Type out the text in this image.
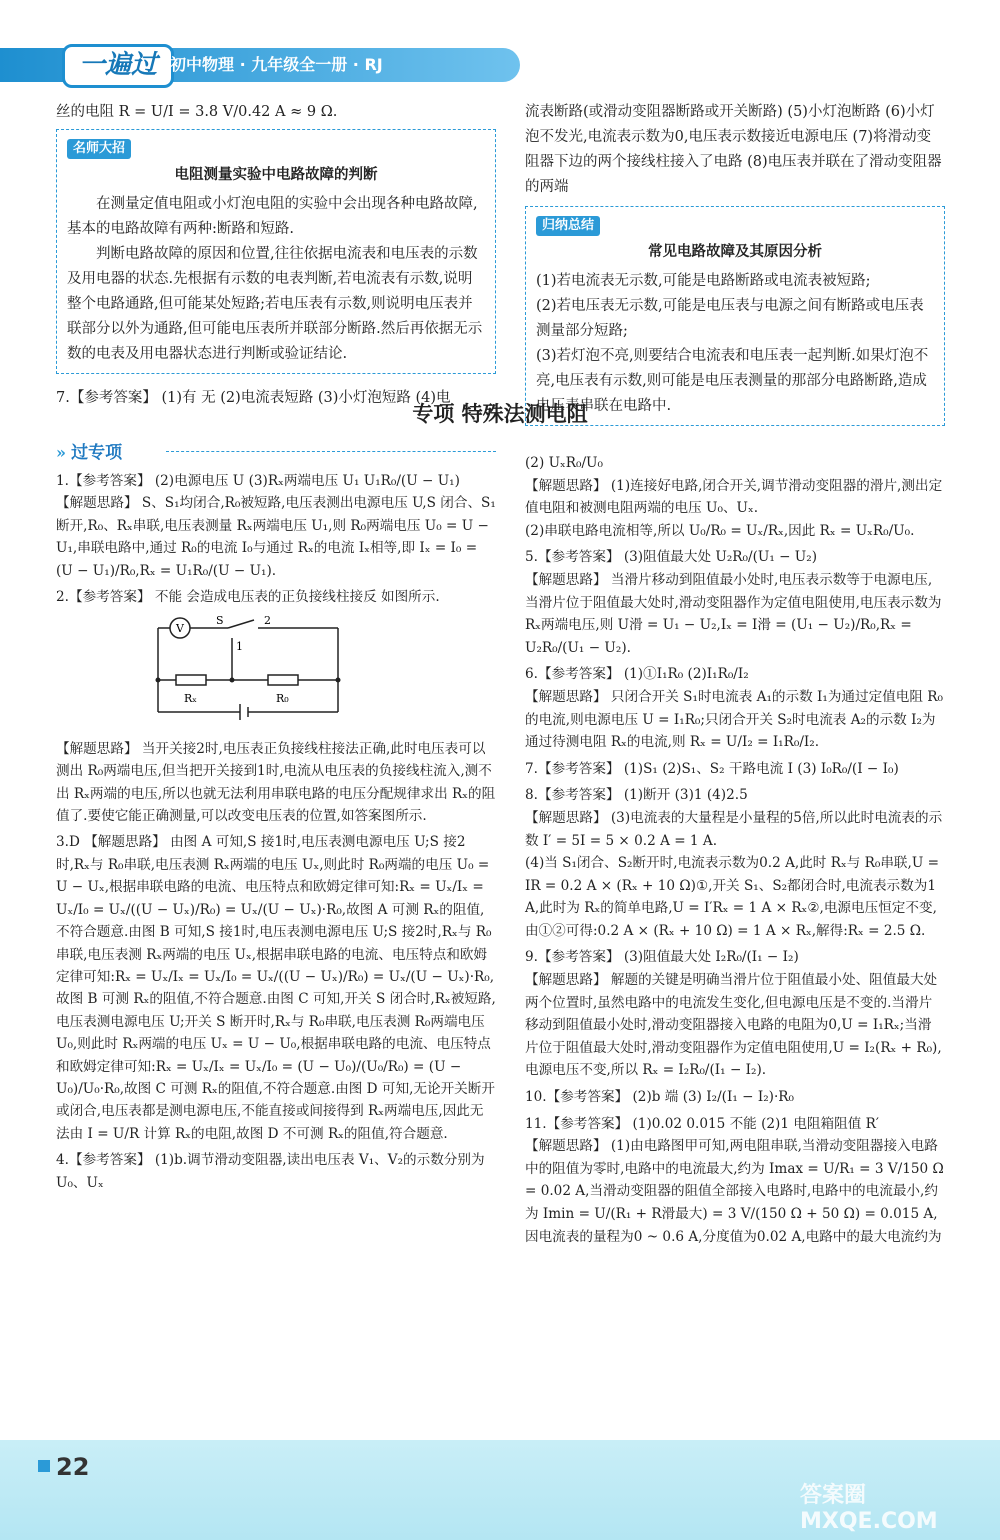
一遍过 初中物理 · 九年级全一册 · RJ

丝的电阻 R = U/I = 3.8 V/0.42 A ≈ 9 Ω.

名师大招
电阻测量实验中电路故障的判断

在测量定值电阻或小灯泡电阻的实验中会出现各种电路故障,基本的电路故障有两种:断路和短路.

判断电路故障的原因和位置,往往依据电流表和电压表的示数及用电器的状态.先根据有示数的电表判断,若电流表有示数,说明整个电路通路,但可能某处短路;若电压表有示数,则说明电压表并联部分以外为通路,但可能电压表所并联部分断路.然后再依据无示数的电表及用电器状态进行判断或验证结论.

7.【参考答案】 (1)有 无 (2)电流表短路 (3)小灯泡短路 (4)电

流表断路(或滑动变阻器断路或开关断路) (5)小灯泡断路 (6)小灯泡不发光,电流表示数为0,电压表示数接近电源电压 (7)将滑动变阻器下边的两个接线柱接入了电路 (8)电压表并联在了滑动变阻器的两端

归纳总结
常见电路故障及其原因分析

(1)若电流表无示数,可能是电路断路或电流表被短路;

(2)若电压表无示数,可能是电压表与电源之间有断路或电压表测量部分短路;

(3)若灯泡不亮,则要结合电流表和电压表一起判断.如果灯泡不亮,电压表有示数,则可能是电压表测量的那部分电路断路,造成电压表串联在电路中.

专项 特殊法测电阻
» 过专项

1.【参考答案】 (2)电源电压 U (3)Rₓ两端电压 U₁ U₁R₀/(U − U₁)

【解题思路】 S、S₁均闭合,R₀被短路,电压表测出电源电压 U,S 闭合、S₁断开,R₀、Rₓ串联,电压表测量 Rₓ两端电压 U₁,则 R₀两端电压 U₀ = U − U₁,串联电路中,通过 R₀的电流 I₀与通过 Rₓ的电流 Iₓ相等,即 Iₓ = I₀ = (U − U₁)/R₀,Rₓ = U₁R₀/(U − U₁).

2.【参考答案】 不能 会造成电压表的正负接线柱接反 如图所示.

V
S	2
1
Rₓ	R₀

【解题思路】 当开关接2时,电压表正负接线柱接法正确,此时电压表可以测出 R₀两端电压,但当把开关接到1时,电流从电压表的负接线柱流入,测不出 Rₓ两端的电压,所以也就无法利用串联电路的电压分配规律求出 Rₓ的阻值了.要使它能正确测量,可以改变电压表的位置,如答案图所示.

3.D 【解题思路】 由图 A 可知,S 接1时,电压表测电源电压 U;S 接2时,Rₓ与 R₀串联,电压表测 Rₓ两端的电压 Uₓ,则此时 R₀两端的电压 U₀ = U − Uₓ,根据串联电路的电流、电压特点和欧姆定律可知:Rₓ = Uₓ/Iₓ = Uₓ/I₀ = Uₓ/((U − Uₓ)/R₀) = Uₓ/(U − Uₓ)·R₀,故图 A 可测 Rₓ的阻值,不符合题意.由图 B 可知,S 接1时,电压表测电源电压 U;S 接2时,Rₓ与 R₀串联,电压表测 Rₓ两端的电压 Uₓ,根据串联电路的电流、电压特点和欧姆定律可知:Rₓ = Uₓ/Iₓ = Uₓ/I₀ = Uₓ/((U − Uₓ)/R₀) = Uₓ/(U − Uₓ)·R₀,故图 B 可测 Rₓ的阻值,不符合题意.由图 C 可知,开关 S 闭合时,Rₓ被短路,电压表测电源电压 U;开关 S 断开时,Rₓ与 R₀串联,电压表测 R₀两端电压 U₀,则此时 Rₓ两端的电压 Uₓ = U − U₀,根据串联电路的电流、电压特点和欧姆定律可知:Rₓ = Uₓ/Iₓ = Uₓ/I₀ = (U − U₀)/(U₀/R₀) = (U − U₀)/U₀·R₀,故图 C 可测 Rₓ的阻值,不符合题意.由图 D 可知,无论开关断开或闭合,电压表都是测电源电压,不能直接或间接得到 Rₓ两端电压,因此无法由 I = U/R 计算 Rₓ的电阻,故图 D 不可测 Rₓ的阻值,符合题意.

4.【参考答案】 (1)b.调节滑动变阻器,读出电压表 V₁、V₂的示数分别为 U₀、Uₓ

(2) UₓR₀/U₀

【解题思路】 (1)连接好电路,闭合开关,调节滑动变阻器的滑片,测出定值电阻和被测电阻两端的电压 U₀、Uₓ.

(2)串联电路电流相等,所以 U₀/R₀ = Uₓ/Rₓ,因此 Rₓ = UₓR₀/U₀.

5.【参考答案】 (3)阻值最大处 U₂R₀/(U₁ − U₂)

【解题思路】 当滑片移动到阻值最小处时,电压表示数等于电源电压,当滑片位于阻值最大处时,滑动变阻器作为定值电阻使用,电压表示数为 Rₓ两端电压,则 U滑 = U₁ − U₂,Iₓ = I滑 = (U₁ − U₂)/R₀,Rₓ = U₂R₀/(U₁ − U₂).

6.【参考答案】 (1)①I₁R₀ (2)I₁R₀/I₂

【解题思路】 只闭合开关 S₁时电流表 A₁的示数 I₁为通过定值电阻 R₀的电流,则电源电压 U = I₁R₀;只闭合开关 S₂时电流表 A₂的示数 I₂为通过待测电阻 Rₓ的电流,则 Rₓ = U/I₂ = I₁R₀/I₂.

7.【参考答案】 (1)S₁ (2)S₁、S₂ 干路电流 I (3) I₀R₀/(I − I₀)

8.【参考答案】 (1)断开 (3)1 (4)2.5

【解题思路】 (3)电流表的大量程是小量程的5倍,所以此时电流表的示数 I′ = 5I = 5 × 0.2 A = 1 A.

(4)当 S₁闭合、S₂断开时,电流表示数为0.2 A,此时 Rₓ与 R₀串联,U = IR = 0.2 A × (Rₓ + 10 Ω)①,开关 S₁、S₂都闭合时,电流表示数为1 A,此时为 Rₓ的简单电路,U = I′Rₓ = 1 A × Rₓ②,电源电压恒定不变,由①②可得:0.2 A × (Rₓ + 10 Ω) = 1 A × Rₓ,解得:Rₓ = 2.5 Ω.

9.【参考答案】 (3)阻值最大处 I₂R₀/(I₁ − I₂)

【解题思路】 解题的关键是明确当滑片位于阻值最小处、阻值最大处两个位置时,虽然电路中的电流发生变化,但电源电压是不变的.当滑片移动到阻值最小处时,滑动变阻器接入电路的电阻为0,U = I₁Rₓ;当滑片位于阻值最大处时,滑动变阻器作为定值电阻使用,U = I₂(Rₓ + R₀),电源电压不变,所以 Rₓ = I₂R₀/(I₁ − I₂).

10.【参考答案】 (2)b 端 (3) I₂/(I₁ − I₂)·R₀

11.【参考答案】 (1)0.02 0.015 不能 (2)1 电阻箱阻值 R′

【解题思路】 (1)由电路图甲可知,两电阻串联,当滑动变阻器接入电路中的阻值为零时,电路中的电流最大,约为 Imax = U/R₁ = 3 V/150 Ω = 0.02 A,当滑动变阻器的阻值全部接入电路时,电路中的电流最小,约为 Imin = U/(R₁ + R滑最大) = 3 V/(150 Ω + 50 Ω) = 0.015 A,因电流表的量程为0 ~ 0.6 A,分度值为0.02 A,电路中的最大电流约为

22
答案圈 MXQE.COM
